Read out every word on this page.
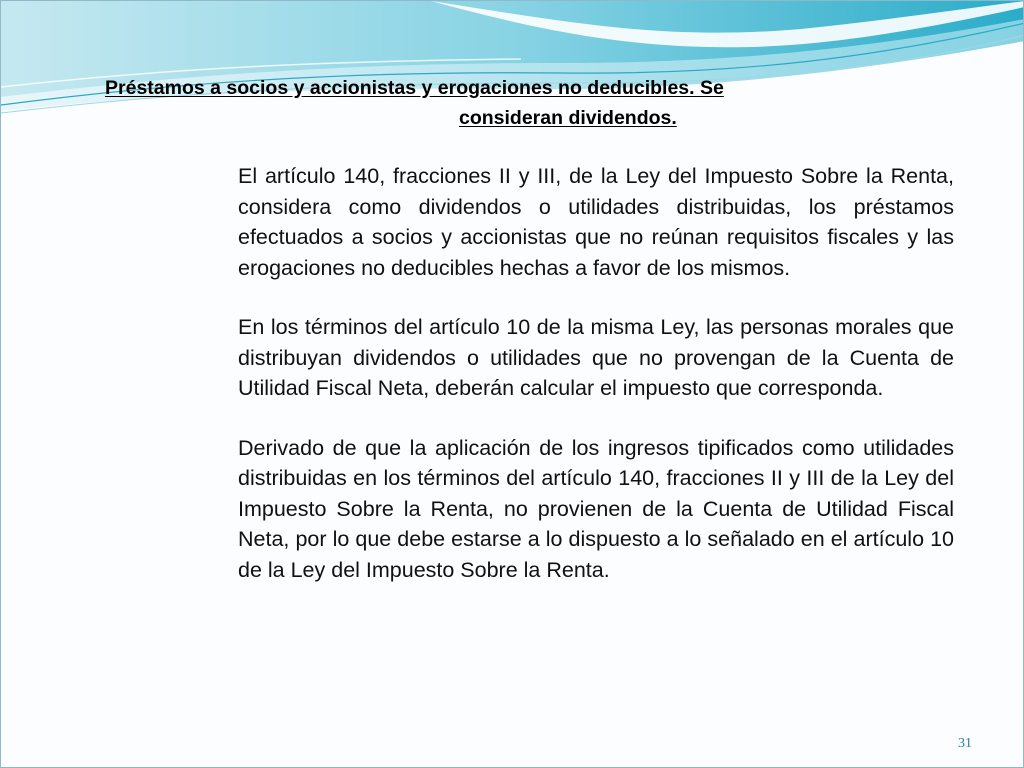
Préstamos a socios y accionistas y erogaciones no deducibles. Se
consideran dividendos.

El artículo 140, fracciones II y III, de la Ley del Impuesto Sobre la Renta, considera como dividendos o utilidades distribuidas, los préstamos efectuados a socios y accionistas que no reúnan requisitos fiscales y las erogaciones no deducibles hechas a favor de los mismos.

En los términos del artículo 10 de la misma Ley, las personas morales que distribuyan dividendos o utilidades que no provengan de la Cuenta de Utilidad Fiscal Neta, deberán calcular el impuesto que corresponda.

Derivado de que la aplicación de los ingresos tipificados como utilidades distribuidas en los términos del artículo 140, fracciones II y III de la Ley del Impuesto Sobre la Renta, no provienen de la Cuenta de Utilidad Fiscal Neta, por lo que debe estarse a lo dispuesto a lo señalado en el artículo 10 de la Ley del Impuesto Sobre la Renta.

31
